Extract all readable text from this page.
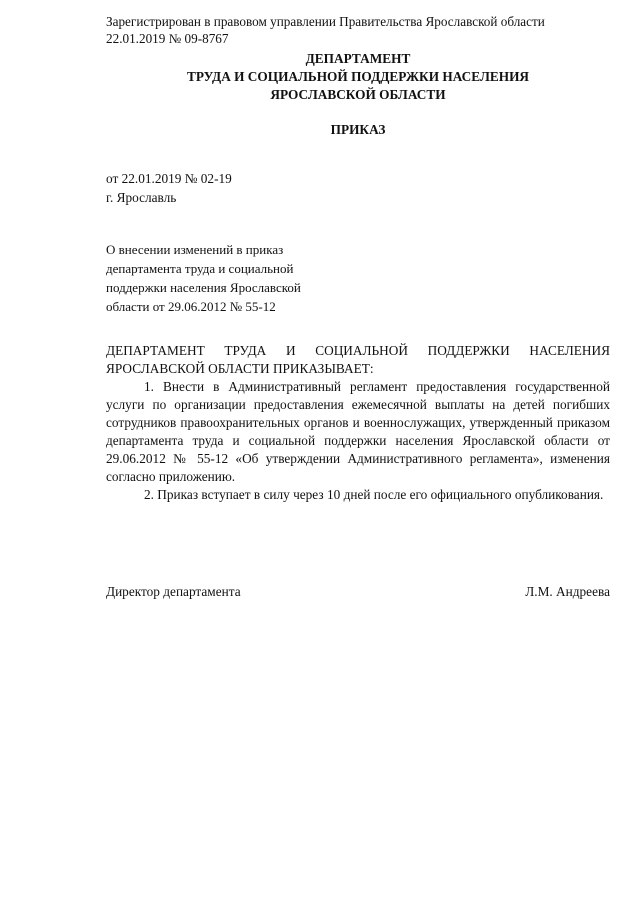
Зарегистрирован в правовом управлении Правительства Ярославской области
22.01.2019 № 09-8767
ДЕПАРТАМЕНТ
ТРУДА И СОЦИАЛЬНОЙ ПОДДЕРЖКИ НАСЕЛЕНИЯ
ЯРОСЛАВСКОЙ ОБЛАСТИ
ПРИКАЗ
от 22.01.2019 № 02-19
г. Ярославль
О внесении изменений в приказ
департамента труда и социальной
поддержки населения Ярославской
области от 29.06.2012 № 55-12

ДЕПАРТАМЕНТ ТРУДА И СОЦИАЛЬНОЙ ПОДДЕРЖКИ НАСЕЛЕНИЯ ЯРОСЛАВСКОЙ ОБЛАСТИ ПРИКАЗЫВАЕТ:

1. Внести в Административный регламент предоставления государственной услуги по организации предоставления ежемесячной выплаты на детей погибших сотрудников правоохранительных органов и военнослужащих, утвержденный приказом департамента труда и социальной поддержки населения Ярославской области от 29.06.2012 № 55-12 «Об утверждении Административного регламента», изменения согласно приложению.

2. Приказ вступает в силу через 10 дней после его официального опубликования.

Директор департамента	Л.М. Андреева
